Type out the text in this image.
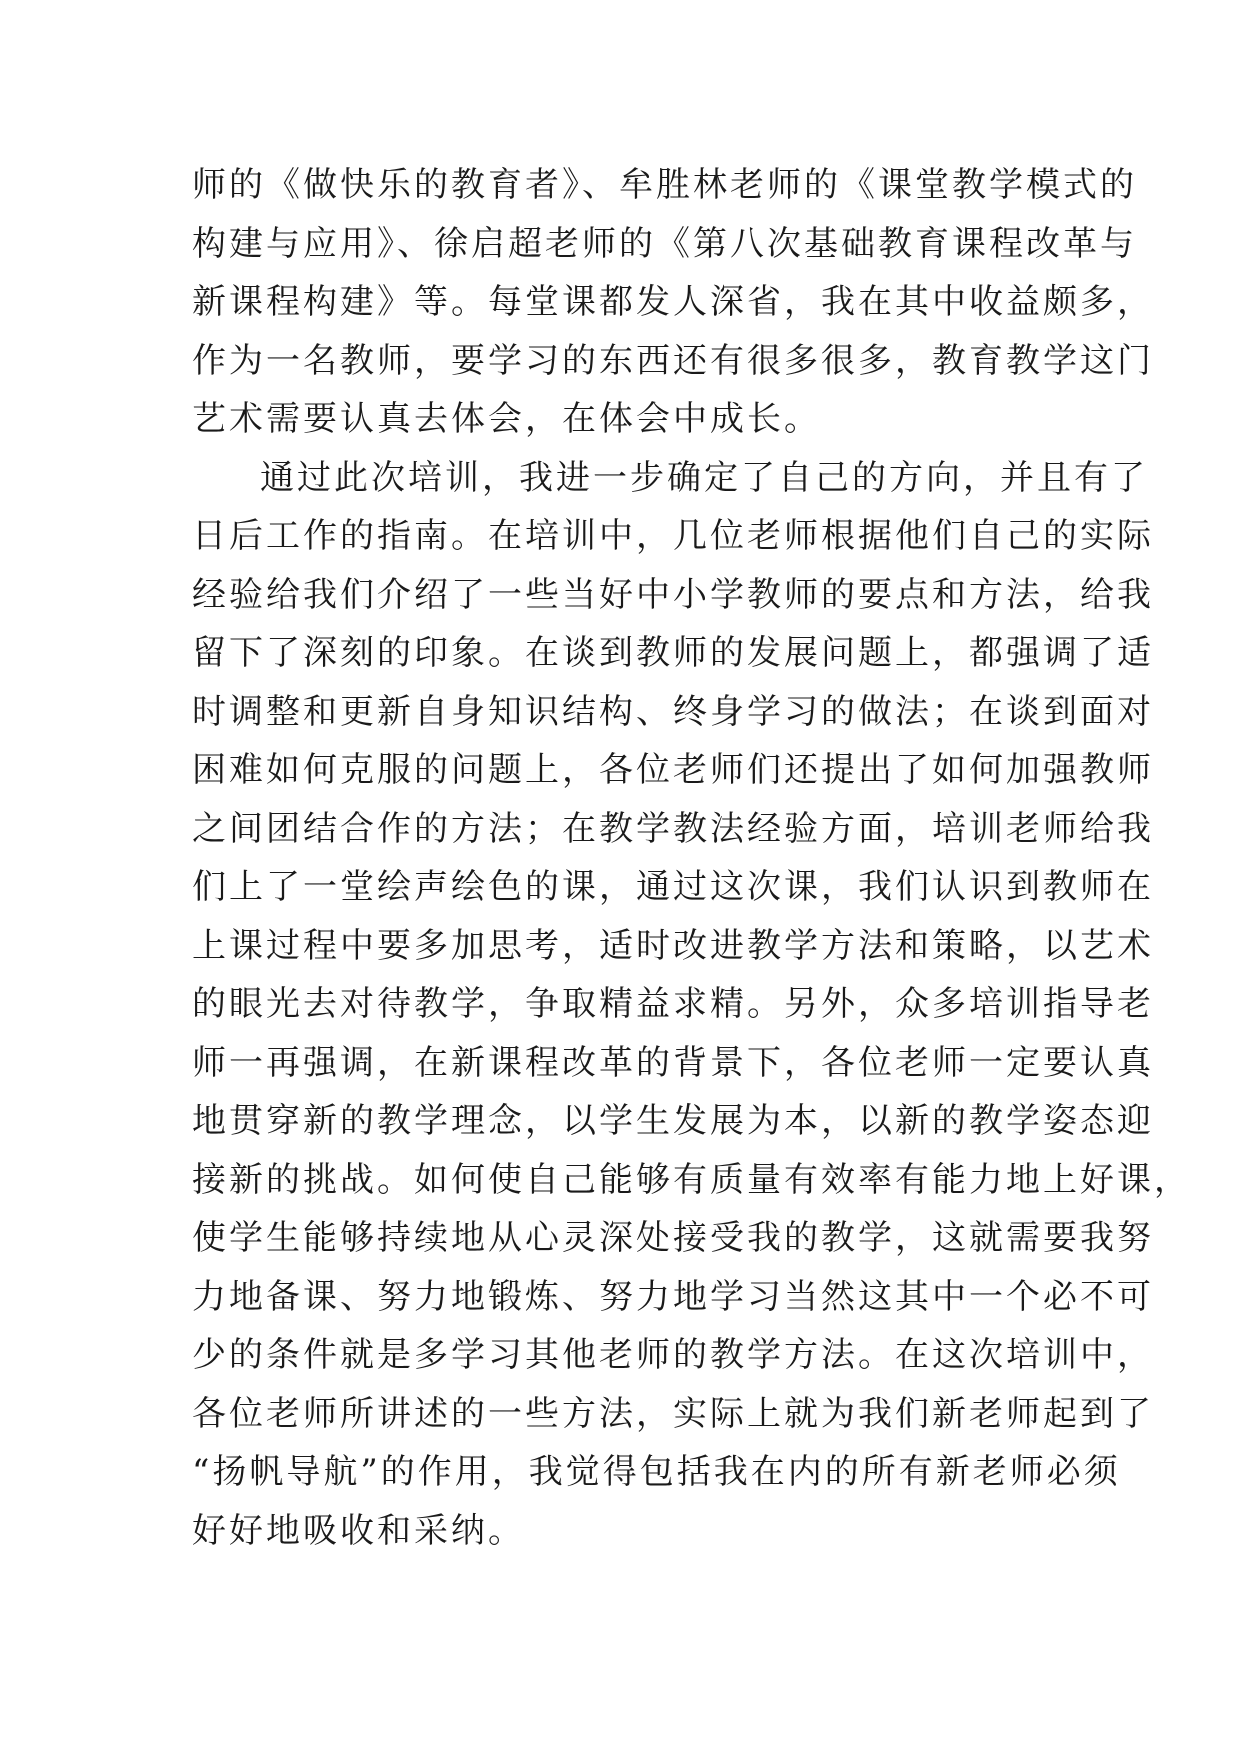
师的《做快乐的教育者》、牟胜林老师的《课堂教学模式的
构建与应用》、徐启超老师的《第八次基础教育课程改革与
新课程构建》等。每堂课都发人深省，我在其中收益颇多，
作为一名教师，要学习的东西还有很多很多，教育教学这门
艺术需要认真去体会，在体会中成长。
通过此次培训，我进一步确定了自己的方向，并且有了
日后工作的指南。在培训中，几位老师根据他们自己的实际
经验给我们介绍了一些当好中小学教师的要点和方法，给我
留下了深刻的印象。在谈到教师的发展问题上，都强调了适
时调整和更新自身知识结构、终身学习的做法；在谈到面对
困难如何克服的问题上，各位老师们还提出了如何加强教师
之间团结合作的方法；在教学教法经验方面，培训老师给我
们上了一堂绘声绘色的课，通过这次课，我们认识到教师在
上课过程中要多加思考，适时改进教学方法和策略，以艺术
的眼光去对待教学，争取精益求精。另外，众多培训指导老
师一再强调，在新课程改革的背景下，各位老师一定要认真
地贯穿新的教学理念，以学生发展为本，以新的教学姿态迎
接新的挑战。如何使自己能够有质量有效率有能力地上好课，
使学生能够持续地从心灵深处接受我的教学，这就需要我努
力地备课、努力地锻炼、努力地学习当然这其中一个必不可
少的条件就是多学习其他老师的教学方法。在这次培训中，
各位老师所讲述的一些方法，实际上就为我们新老师起到了
“扬帆导航”的作用，我觉得包括我在内的所有新老师必须
好好地吸收和采纳。
